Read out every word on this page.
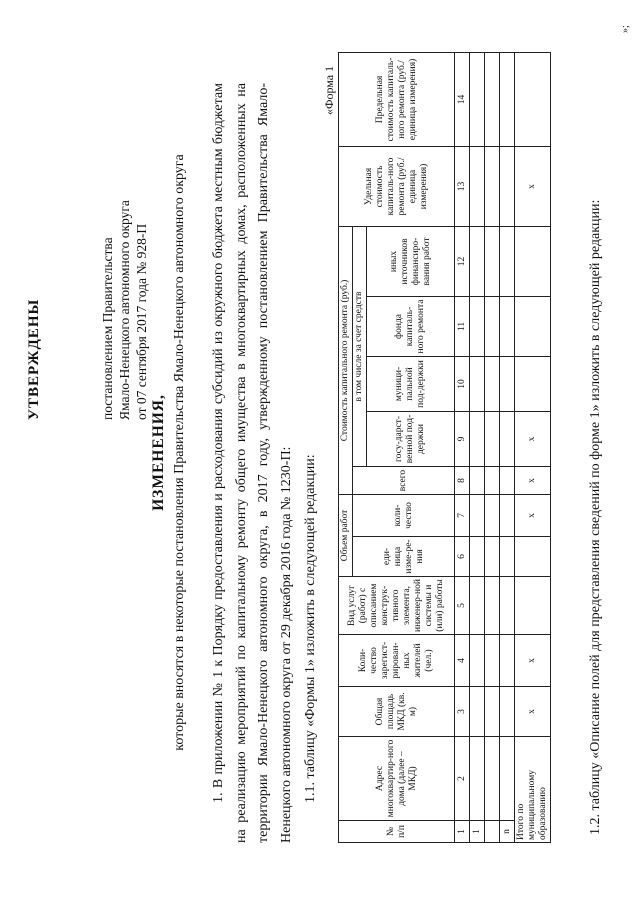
УТВЕРЖДЕНЫ	постановлением Правительства Ямало-Ненецкого автономного округа от 07 сентября 2017 года № 928-П
ИЗМЕНЕНИЯ, которые вносятся в некоторые постановления Правительства Ямало-Ненецкого автономного округа 1. В приложении № 1 к Порядку предоставления и расходования субсидий из окружного бюджета местным бюджетам на реализацию мероприятий по капитальному ремонту общего имущества в многоквартирных домах, расположенных на территории Ямало-Ненецкого автономного округа, в 2017 году, утвержденному постановлением Правительства Ямало-Ненецкого автономного округа от 29 декабря 2016 года № 1230-П: 1.1. таблицу «Формы 1» изложить в следующей редакции:
«Форма 1
№ п/п	Адрес многоквартир-ного дома (далее – МКД)	Общая площадь МКД (кв. м)	Коли-чество зарегист-рирован-ных жителей (чел.)	Вид услуг (работ) с описанием конструк-тивного элемента, инженер-ной системы и (или) работы	Объем работ		Стоимость капитального ремонта (руб.)					Удельная стоимость капиталь-ного ремонта (руб./ единица измерения)	Предельная стоимость капиталь-ного ремонта (руб./ единица измерения)
					еди-ница изме-ре-ния	коли-чество	всего	в том числе за счет средств					
								госу-дарст-венной под-держки	муници-пальной под-держки	фонда капиталь-ного ремонта	иных источников финансиро-вания работ		
1	2	3	4	5	6	7	8	9	10	11	12	13	14
1													

n													
Итого по муниципальному образованию		x	x			x	x	x				x	
1.2. таблицу «Описание полей для представления сведений по форме 1» изложить в следующей редакции:
»;
